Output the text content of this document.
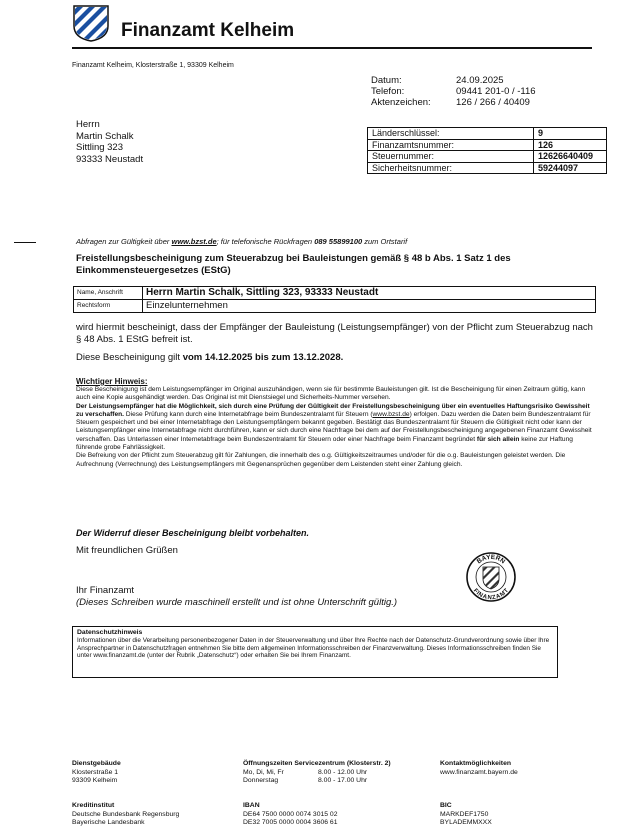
Finanzamt Kelheim
Finanzamt Kelheim, Klosterstraße 1, 93309 Kelheim
Datum:	24.09.2025
Telefon:	09441 201-0 / -116
Aktenzeichen:	126 / 266 / 40409
Herrn
Martin Schalk
Sittling 323
93333 Neustadt
Länderschlüssel:	9
Finanzamtsnummer:	126
Steuernummer:	12626640409
Sicherheitsnummer:	59244097
Abfragen zur Gültigkeit über www.bzst.de; für telefonische Rückfragen 089 55899100 zum Ortstarif
Freistellungsbescheinigung zum Steuerabzug bei Bauleistungen gemäß § 48 b Abs. 1 Satz 1 des Einkommensteuergesetzes (EStG)
Name, Anschrift	Herrn Martin Schalk, Sittling 323, 93333 Neustadt
Rechtsform	Einzelunternehmen
wird hiermit bescheinigt, dass der Empfänger der Bauleistung (Leistungsempfänger) von der Pflicht zum Steuerabzug nach § 48 Abs. 1 EStG befreit ist.
Diese Bescheinigung gilt vom 14.12.2025 bis zum 13.12.2028.
Wichtiger Hinweis:

Diese Bescheinigung ist dem Leistungsempfänger im Original auszuhändigen, wenn sie für bestimmte Bauleistungen gilt. Ist die Bescheinigung für einen Zeitraum gültig, kann auch eine Kopie ausgehändigt werden. Das Original ist mit Dienstsiegel und Sicherheits-Nummer versehen.

Der Leistungsempfänger hat die Möglichkeit, sich durch eine Prüfung der Gültigkeit der Freistellungsbescheinigung über ein eventuelles Haftungsrisiko Gewissheit zu verschaffen. Diese Prüfung kann durch eine Internetabfrage beim Bundeszentralamt für Steuern (www.bzst.de) erfolgen. Dazu werden die Daten beim Bundeszentralamt für Steuern gespeichert und bei einer Internetabfrage den Leistungsempfängern bekannt gegeben. Bestätigt das Bundeszentralamt für Steuern die Gültigkeit nicht oder kann der Leistungsempfänger eine Internetabfrage nicht durchführen, kann er sich durch eine Nachfrage bei dem auf der Freistellungsbescheinigung angegebenen Finanzamt Gewissheit verschaffen. Das Unterlassen einer Internetabfrage beim Bundeszentralamt für Steuern oder einer Nachfrage beim Finanzamt begründet für sich allein keine zur Haftung führende grobe Fahrlässigkeit.

Die Befreiung von der Pflicht zum Steuerabzug gilt für Zahlungen, die innerhalb des o.g. Gültigkeitszeitraumes und/oder für die o.g. Bauleistungen geleistet werden. Die Aufrechnung (Verrechnung) des Leistungsempfängers mit Gegenansprüchen gegenüber dem Leistenden steht einer Zahlung gleich.

Der Widerruf dieser Bescheinigung bleibt vorbehalten.
Mit freundlichen Grüßen
BAYERN
FINANZAMT
Ihr Finanzamt
(Dieses Schreiben wurde maschinell erstellt und ist ohne Unterschrift gültig.)
Datenschutzhinweis
Informationen über die Verarbeitung personenbezogener Daten in der Steuerverwaltung und über Ihre Rechte nach der Datenschutz-Grundverordnung sowie über Ihre Ansprechpartner in Datenschutzfragen entnehmen Sie bitte dem allgemeinen Informationsschreiben der Finanzverwaltung. Dieses Informationsschreiben finden Sie unter www.finanzamt.de (unter der Rubrik „Datenschutz“) oder erhalten Sie bei Ihrem Finanzamt.
Dienstgebäude
Klosterstraße 1
93309 Kelheim
Öffnungszeiten Servicezentrum (Klosterstr. 2)
Mo, Di, Mi, Fr	8.00 - 12.00 Uhr
Donnerstag	8.00 - 17.00 Uhr
Kontaktmöglichkeiten
www.finanzamt.bayern.de
Kreditinstitut
Deutsche Bundesbank Regensburg
Bayerische Landesbank
IBAN
DE64 7500 0000 0074 3015 02
DE32 7005 0000 0004 3606 61
BIC
MARKDEF1750
BYLADEMMXXX
